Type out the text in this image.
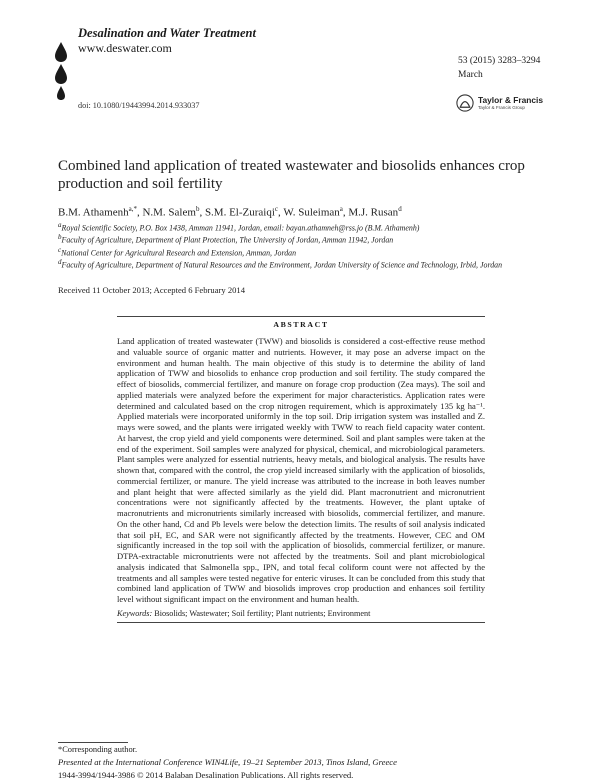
Desalination and Water Treatment
www.deswater.com
doi: 10.1080/19443994.2014.933037
53 (2015) 3283–3294
March
Taylor & Francis
Taylor & Francis Group
Combined land application of treated wastewater and biosolids enhances crop production and soil fertility
B.M. Athamenh$^{a,*}$, N.M. Salem$^b$, S.M. El-Zuraiqi$^c$, W. Suleiman$^a$, M.J. Rusan$^d$
$^a$Royal Scientific Society, P.O. Box 1438, Amman 11941, Jordan, email: bayan.athamneh@rss.jo (B.M. Athamenh)
$^b$Faculty of Agriculture, Department of Plant Protection, The University of Jordan, Amman 11942, Jordan
$^c$National Center for Agricultural Research and Extension, Amman, Jordan
$^d$Faculty of Agriculture, Department of Natural Resources and the Environment, Jordan University of Science and Technology, Irbid, Jordan
Received 11 October 2013; Accepted 6 February 2014
ABSTRACT
Land application of treated wastewater (TWW) and biosolids is considered a cost-effective reuse method and valuable source of organic matter and nutrients. However, it may pose an adverse impact on the environment and human health. The main objective of this study is to determine the ability of land application of TWW and biosolids to enhance crop production and soil fertility. The study compared the effect of biosolids, commercial fertilizer, and manure on forage crop production (Zea mays). The soil and applied materials were analyzed before the experiment for major characteristics. Application rates were determined and calculated based on the crop nitrogen requirement, which is approximately 135 kg ha⁻¹. Applied materials were incorporated uniformly in the top soil. Drip irrigation system was installed and Z. mays were sowed, and the plants were irrigated weekly with TWW to reach field capacity water content. At harvest, the crop yield and yield components were determined. Soil and plant samples were taken at the end of the experiment. Soil samples were analyzed for physical, chemical, and microbiological parameters. Plant samples were analyzed for essential nutrients, heavy metals, and biological analysis. The results have shown that, compared with the control, the crop yield increased similarly with the application of biosolids, commercial fertilizer, or manure. The yield increase was attributed to the increase in both leaves number and plant height that were affected similarly as the yield did. Plant macronutrient and micronutrient concentrations were not significantly affected by the treatments. However, the plant uptake of macronutrients and micronutrients similarly increased with biosolids, commercial fertilizer, and manure. On the other hand, Cd and Pb levels were below the detection limits. The results of soil analysis indicated that soil pH, EC, and SAR were not significantly affected by the treatments. However, CEC and OM significantly increased in the top soil with the application of biosolids, commercial fertilizer, or manure. DTPA-extractable micronutrients were not affected by the treatments. Soil and plant microbiological analysis indicated that Salmonella spp., IPN, and total fecal coliform count were not affected by the treatments and all samples were tested negative for enteric viruses. It can be concluded from this study that combined land application of TWW and biosolids improves crop production and enhances soil fertility level without significant impact on the environment and human health.
Keywords: Biosolids; Wastewater; Soil fertility; Plant nutrients; Environment
*Corresponding author.
Presented at the International Conference WIN4Life, 19–21 September 2013, Tinos Island, Greece
1944-3994/1944-3986 © 2014 Balaban Desalination Publications. All rights reserved.
